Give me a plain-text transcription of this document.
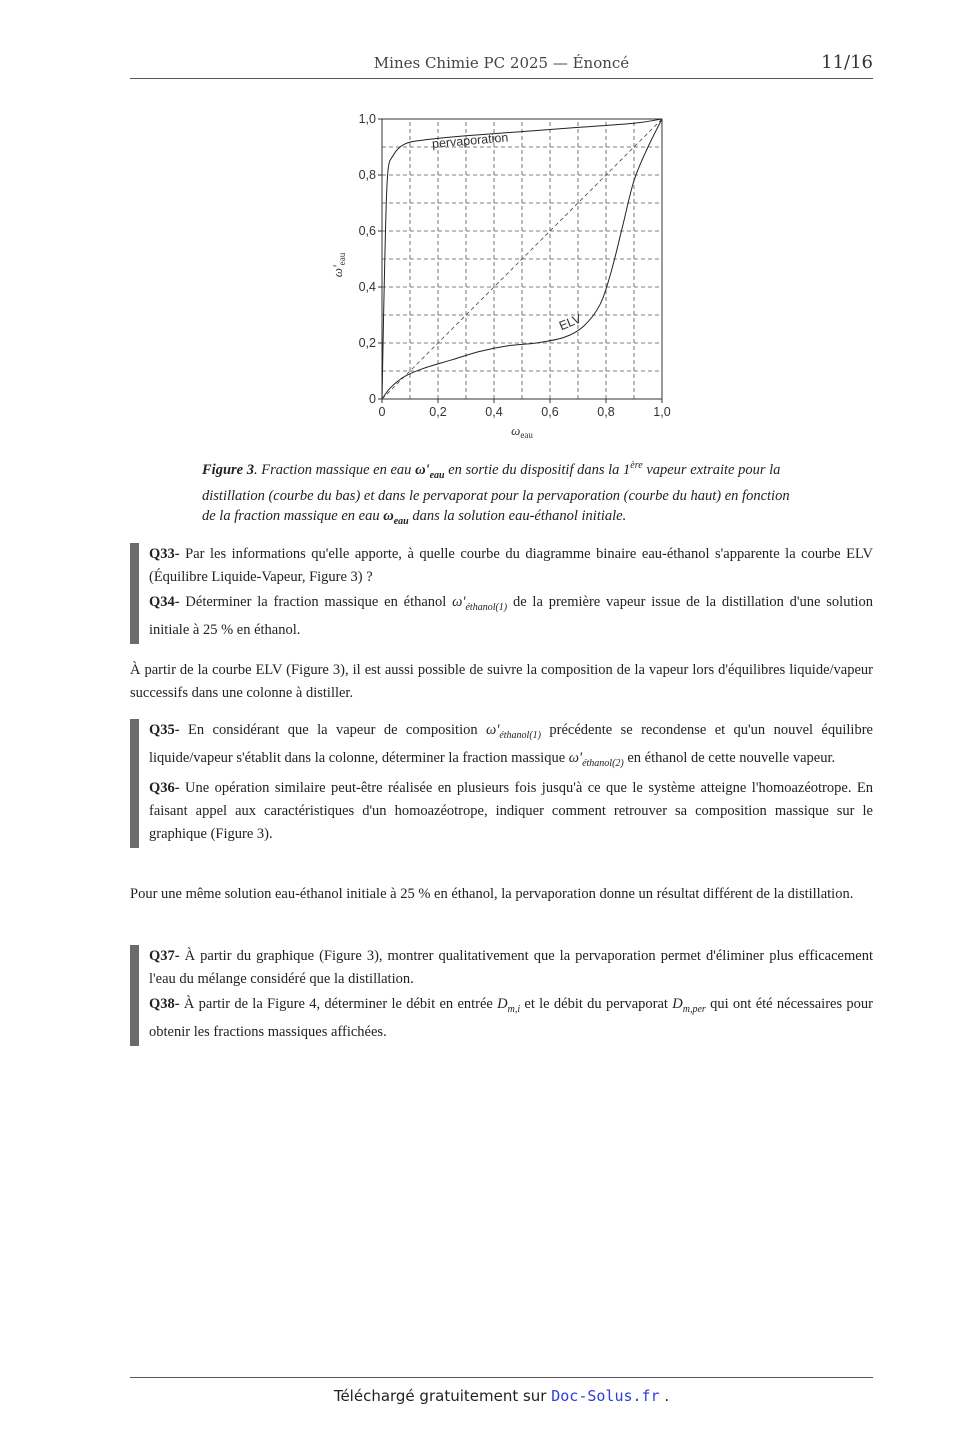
Mines Chimie PC 2025 — Énoncé	11/16
0	0,2	0,4	0,6	0,8	1,0
0
0,2
0,4
0,6
0,8
1,0
$\omega_{eau}$
$\omega'_{eau}$
pervaporation
ELV
Figure 3. Fraction massique en eau $\omega'_{eau}$ en sortie du dispositif dans la 1ère vapeur extraite pour la distillation (courbe du bas) et dans le pervaporat pour la pervaporation (courbe du haut) en fonction de la fraction massique en eau $\omega_{eau}$ dans la solution eau-éthanol initiale.
Q33- Par les informations qu'elle apporte, à quelle courbe du diagramme binaire eau-éthanol s'apparente la courbe ELV (Équilibre Liquide-Vapeur, Figure 3) ?
Q34- Déterminer la fraction massique en éthanol $\omega'_{éthanol(1)}$ de la première vapeur issue de la distillation d'une solution initiale à 25 % en éthanol.
À partir de la courbe ELV (Figure 3), il est aussi possible de suivre la composition de la vapeur lors d'équilibres liquide/vapeur successifs dans une colonne à distiller.
Q35- En considérant que la vapeur de composition $\omega'_{éthanol(1)}$ précédente se recondense et qu'un nouvel équilibre liquide/vapeur s'établit dans la colonne, déterminer la fraction massique $\omega'_{éthanol(2)}$ en éthanol de cette nouvelle vapeur.
Q36- Une opération similaire peut-être réalisée en plusieurs fois jusqu'à ce que le système atteigne l'homoazéotrope. En faisant appel aux caractéristiques d'un homoazéotrope, indiquer comment retrouver sa composition massique sur le graphique (Figure 3).
Pour une même solution eau-éthanol initiale à 25 % en éthanol, la pervaporation donne un résultat différent de la distillation.
Q37- À partir du graphique (Figure 3), montrer qualitativement que la pervaporation permet d'éliminer plus efficacement l'eau du mélange considéré que la distillation.
Q38- À partir de la Figure 4, déterminer le débit en entrée $D_{m,i}$ et le débit du pervaporat $D_{m,per}$ qui ont été nécessaires pour obtenir les fractions massiques affichées.
Téléchargé gratuitement sur Doc-Solus.fr .
